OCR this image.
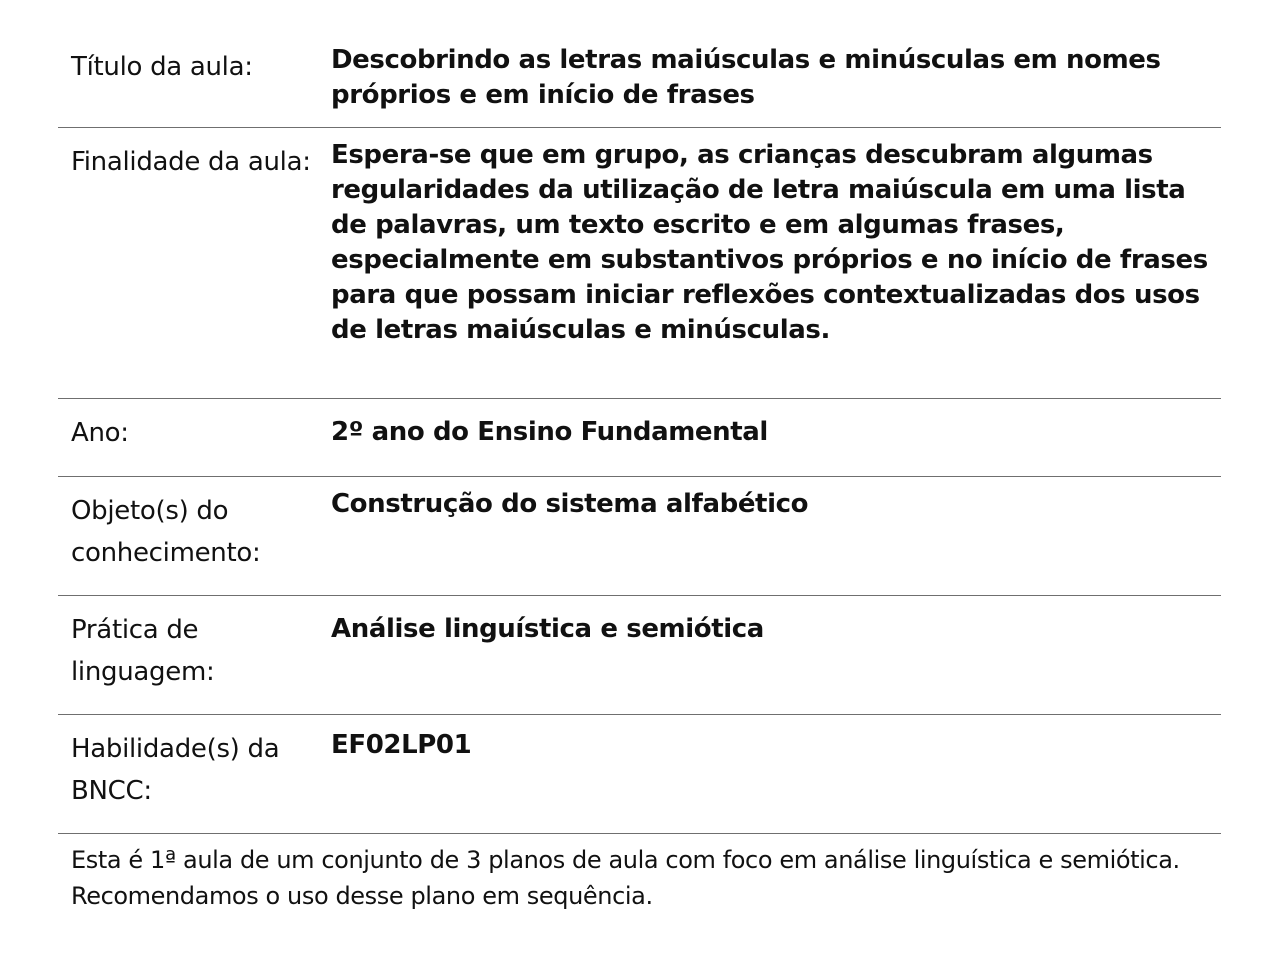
Título da aula:	Descobrindo as letras maiúsculas e minúsculas em nomes próprios e em início de frases
Finalidade da aula: Espera-se que em grupo, as crianças descubram algumas regularidades da utilização de letra maiúscula em uma lista de palavras, um texto escrito e em algumas frases, especialmente em substantivos próprios e no início de frases para que possam iniciar reflexões contextualizadas dos usos de letras maiúsculas e minúsculas.
Ano:	2º ano do Ensino Fundamental
Objeto(s) do conhecimento:
Construção do sistema alfabético
Prática de linguagem:
Análise linguística e semiótica
Habilidade(s) da BNCC:
EF02LP01
Esta é 1ª aula de um conjunto de 3 planos de aula com foco em análise linguística e semiótica. Recomendamos o uso desse plano em sequência.
